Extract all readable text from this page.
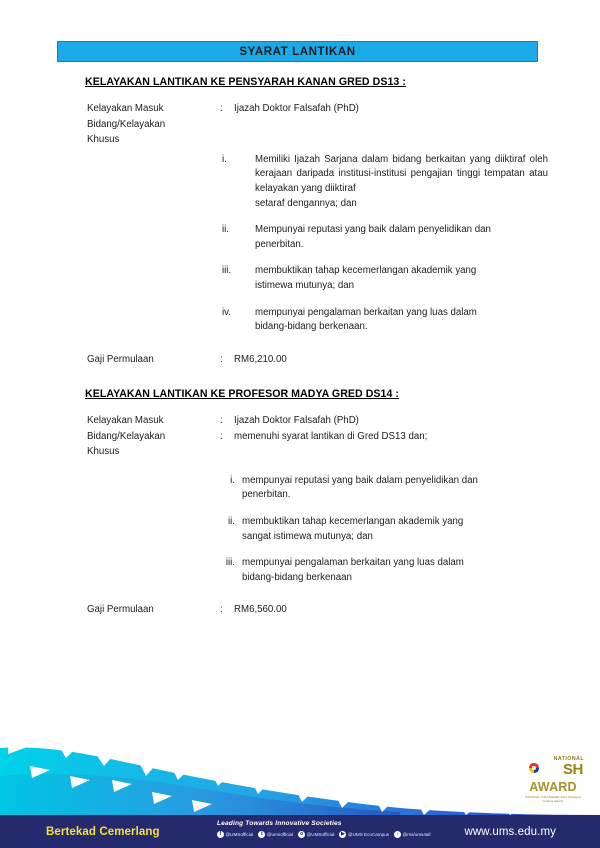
SYARAT LANTIKAN
KELAYAKAN LANTIKAN KE PENSYARAH KANAN GRED DS13 :
Kelayakan Masuk	:	Ijazah Doktor Falsafah (PhD)
Bidang/Kelayakan
Khusus
i.	Memiliki Ijazah Sarjana dalam bidang berkaitan yang diiktiraf oleh kerajaan daripada institusi-institusi pengajian tinggi tempatan atau kelayakan yang diiktiraf
setaraf dengannya; dan
ii.	Mempunyai reputasi yang baik dalam penyelidikan dan
penerbitan.
iii.	membuktikan tahap kecemerlangan akademik yang
istimewa mutunya; dan
iv.	mempunyai pengalaman berkaitan yang luas dalam
bidang-bidang berkenaan.
Gaji Permulaan	:	RM6,210.00
KELAYAKAN LANTIKAN KE PROFESOR MADYA GRED DS14 :
Kelayakan Masuk	:	Ijazah Doktor Falsafah (PhD)
Bidang/Kelayakan	:	memenuhi syarat lantikan di Gred DS13 dan;
Khusus
i. mempunyai reputasi yang baik dalam penyelidikan dan
penerbitan.
ii. membuktikan tahap kecemerlangan akademik yang
sangat istimewa mutunya; dan
iii. mempunyai pengalaman berkaitan yang luas dalam
bidang-bidang berkenaan
Gaji Permulaan	:	RM6,560.00
NATIONAL
SH
AWARD
NATIONAL OSH AWARD 2021 (Kategori Institusi Awam)
Bertekad Cemerlang
Leading Towards Innovative Societies
f @UMSofficial	t @umsofficial	o @UMSofficial	▶ @UMS EcoCampus	♪ @ms/ums4all	www.ums.edu.my
